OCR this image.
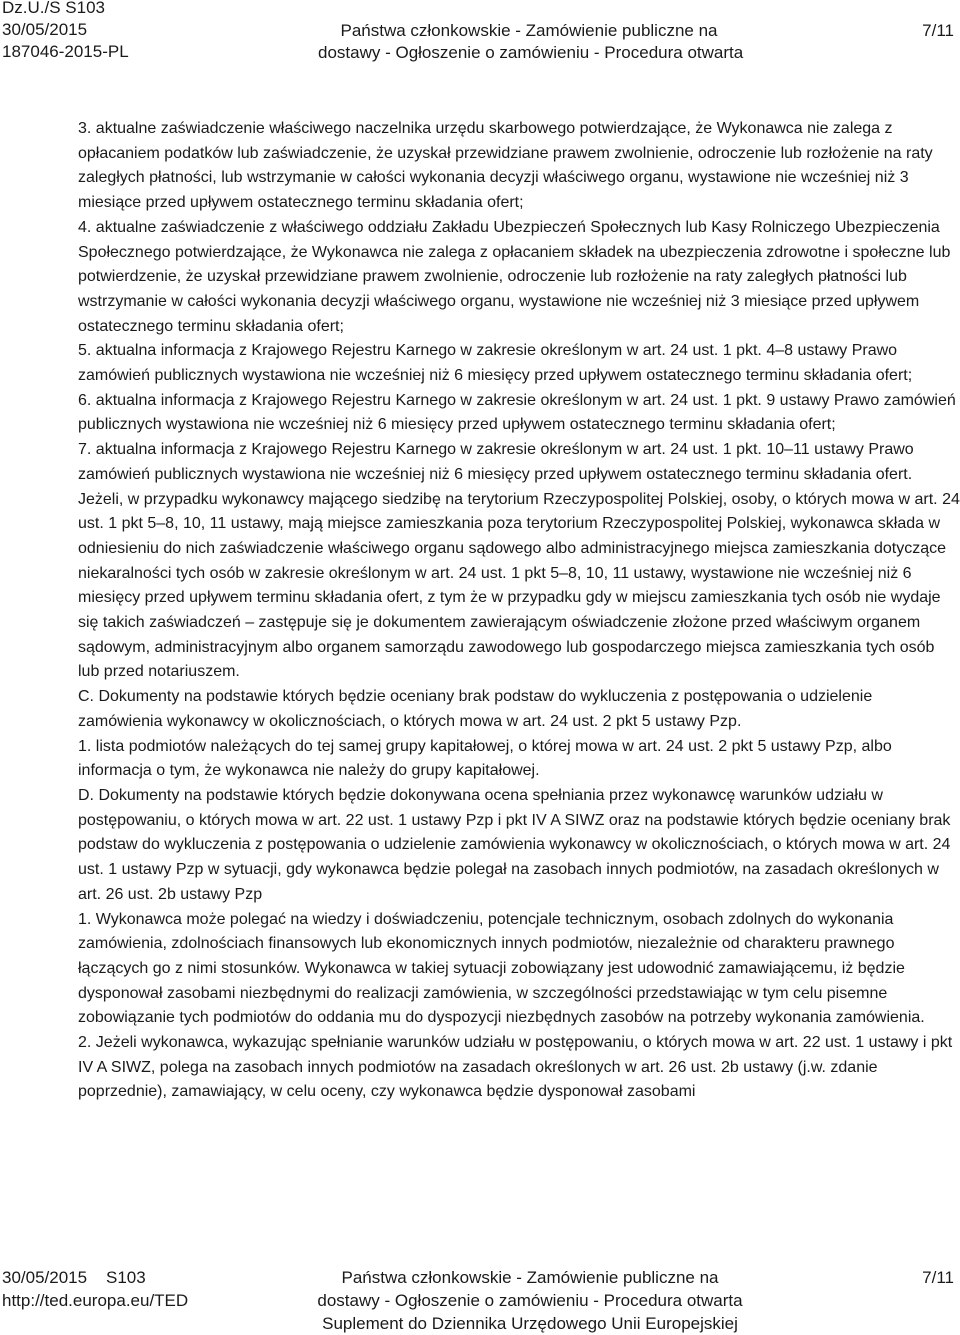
Dz.U./S S103
30/05/2015
187046-2015-PL
Państwa członkowskie - Zamówienie publiczne na
dostawy - Ogłoszenie o zamówieniu - Procedura otwarta
7/11

3. aktualne zaświadczenie właściwego naczelnika urzędu skarbowego potwierdzające, że Wykonawca nie zalega z opłacaniem podatków lub zaświadczenie, że uzyskał przewidziane prawem zwolnienie, odroczenie lub rozłożenie na raty zaległych płatności, lub wstrzymanie w całości wykonania decyzji właściwego organu, wystawione nie wcześniej niż 3 miesiące przed upływem ostatecznego terminu składania ofert;

4. aktualne zaświadczenie z właściwego oddziału Zakładu Ubezpieczeń Społecznych lub Kasy Rolniczego Ubezpieczenia Społecznego potwierdzające, że Wykonawca nie zalega z opłacaniem składek na ubezpieczenia zdrowotne i społeczne lub potwierdzenie, że uzyskał przewidziane prawem zwolnienie, odroczenie lub rozłożenie na raty zaległych płatności lub wstrzymanie w całości wykonania decyzji właściwego organu, wystawione nie wcześniej niż 3 miesiące przed upływem ostatecznego terminu składania ofert;

5. aktualna informacja z Krajowego Rejestru Karnego w zakresie określonym w art. 24 ust. 1 pkt. 4–8 ustawy Prawo zamówień publicznych wystawiona nie wcześniej niż 6 miesięcy przed upływem ostatecznego terminu składania ofert;

6. aktualna informacja z Krajowego Rejestru Karnego w zakresie określonym w art. 24 ust. 1 pkt. 9 ustawy Prawo zamówień publicznych wystawiona nie wcześniej niż 6 miesięcy przed upływem ostatecznego terminu składania ofert;

7. aktualna informacja z Krajowego Rejestru Karnego w zakresie określonym w art. 24 ust. 1 pkt. 10–11 ustawy Prawo zamówień publicznych wystawiona nie wcześniej niż 6 miesięcy przed upływem ostatecznego terminu składania ofert.

Jeżeli, w przypadku wykonawcy mającego siedzibę na terytorium Rzeczypospolitej Polskiej, osoby, o których mowa w art. 24 ust. 1 pkt 5–8, 10, 11 ustawy, mają miejsce zamieszkania poza terytorium Rzeczypospolitej Polskiej, wykonawca składa w odniesieniu do nich zaświadczenie właściwego organu sądowego albo administracyjnego miejsca zamieszkania dotyczące niekaralności tych osób w zakresie określonym w art. 24 ust. 1 pkt 5–8, 10, 11 ustawy, wystawione nie wcześniej niż 6 miesięcy przed upływem terminu składania ofert, z tym że w przypadku gdy w miejscu zamieszkania tych osób nie wydaje się takich zaświadczeń – zastępuje się je dokumentem zawierającym oświadczenie złożone przed właściwym organem sądowym, administracyjnym albo organem samorządu zawodowego lub gospodarczego miejsca zamieszkania tych osób lub przed notariuszem.

C. Dokumenty na podstawie których będzie oceniany brak podstaw do wykluczenia z postępowania o udzielenie zamówienia wykonawcy w okolicznościach, o których mowa w art. 24 ust. 2 pkt 5 ustawy Pzp.

1. lista podmiotów należących do tej samej grupy kapitałowej, o której mowa w art. 24 ust. 2 pkt 5 ustawy Pzp, albo informacja o tym, że wykonawca nie należy do grupy kapitałowej.

D. Dokumenty na podstawie których będzie dokonywana ocena spełniania przez wykonawcę warunków udziału w postępowaniu, o których mowa w art. 22 ust. 1 ustawy Pzp i pkt IV A SIWZ oraz na podstawie których będzie oceniany brak podstaw do wykluczenia z postępowania o udzielenie zamówienia wykonawcy w okolicznościach, o których mowa w art. 24 ust. 1 ustawy Pzp w sytuacji, gdy wykonawca będzie polegał na zasobach innych podmiotów, na zasadach określonych w art. 26 ust. 2b ustawy Pzp

1. Wykonawca może polegać na wiedzy i doświadczeniu, potencjale technicznym, osobach zdolnych do wykonania zamówienia, zdolnościach finansowych lub ekonomicznych innych podmiotów, niezależnie od charakteru prawnego łączących go z nimi stosunków. Wykonawca w takiej sytuacji zobowiązany jest udowodnić zamawiającemu, iż będzie dysponował zasobami niezbędnymi do realizacji zamówienia, w szczególności przedstawiając w tym celu pisemne zobowiązanie tych podmiotów do oddania mu do dyspozycji niezbędnych zasobów na potrzeby wykonania zamówienia.

2. Jeżeli wykonawca, wykazując spełnianie warunków udziału w postępowaniu, o których mowa w art. 22 ust. 1 ustawy i pkt IV A SIWZ, polega na zasobach innych podmiotów na zasadach określonych w art. 26 ust. 2b ustawy (j.w. zdanie poprzednie), zamawiający, w celu oceny, czy wykonawca będzie dysponował zasobami

30/05/2015 S103
http://ted.europa.eu/TED
Państwa członkowskie - Zamówienie publiczne na
dostawy - Ogłoszenie o zamówieniu - Procedura otwarta
Suplement do Dziennika Urzędowego Unii Europejskiej
7/11
